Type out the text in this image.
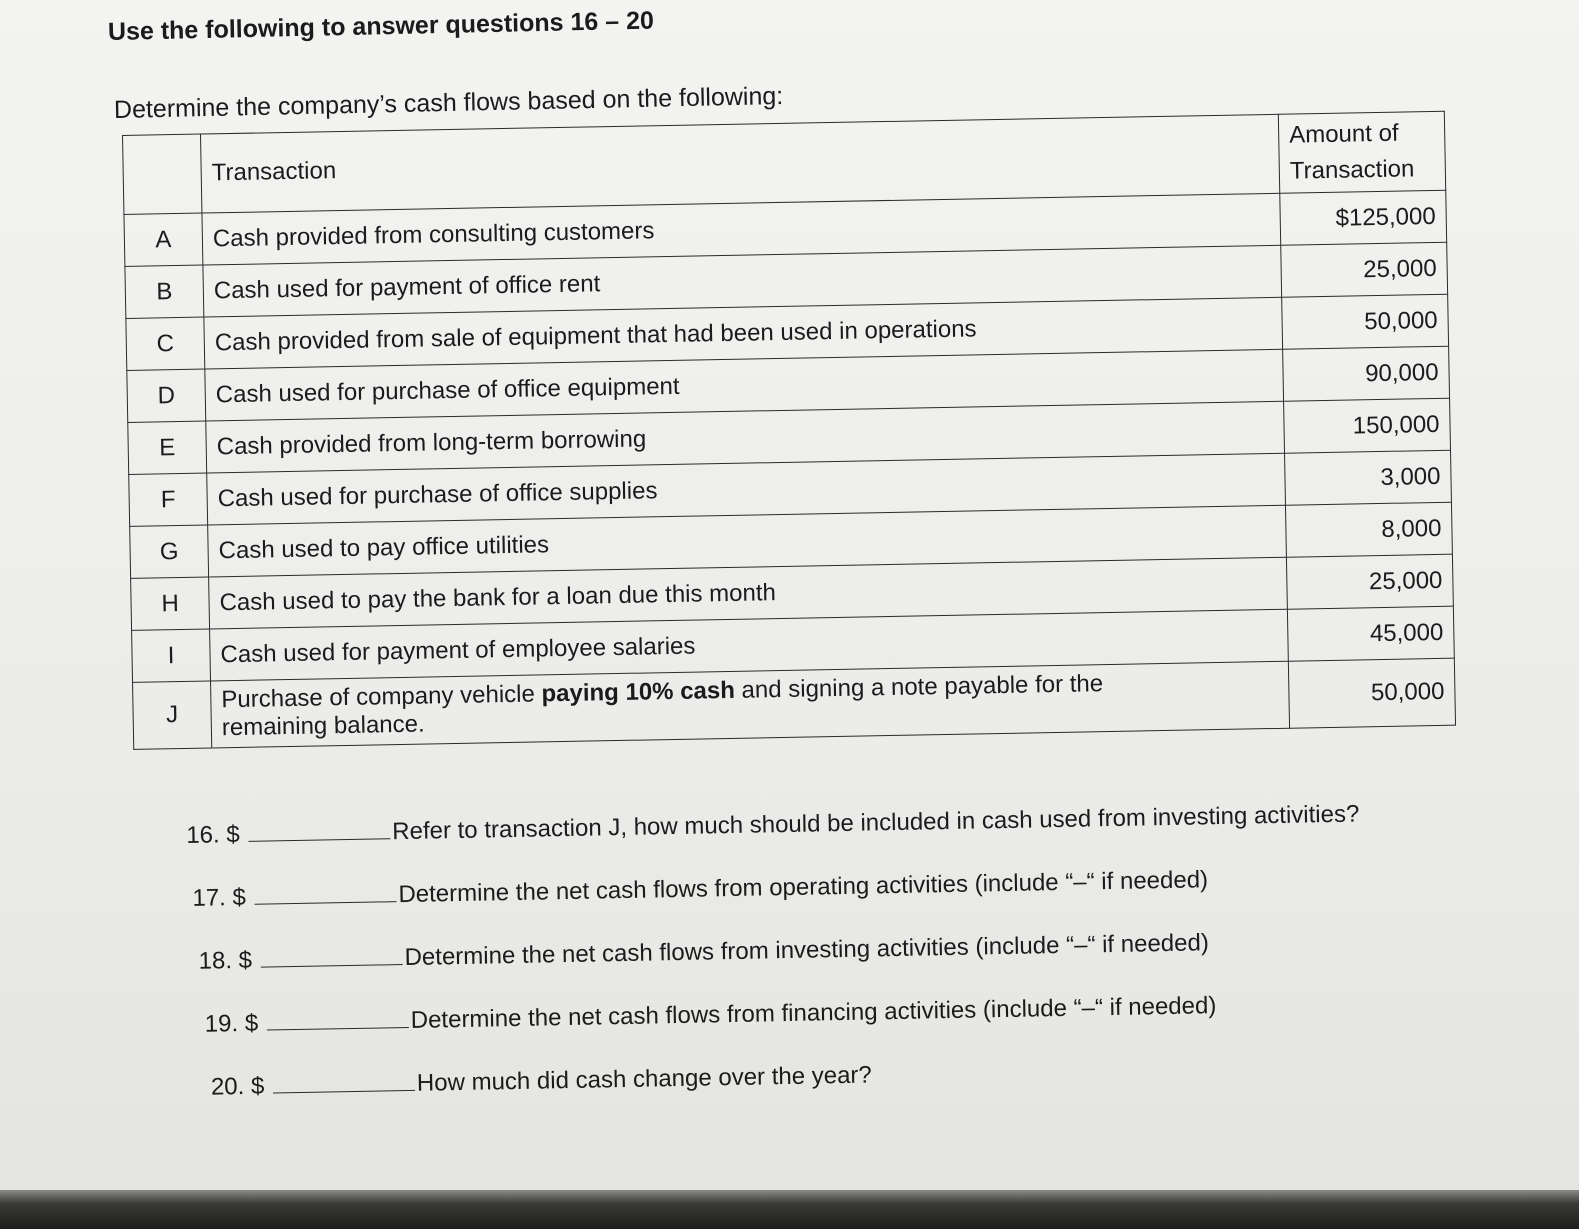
Use the following to answer questions 16 – 20
Determine the company’s cash flows based on the following:
	Transaction	Amount of
Transaction

A	Cash provided from consulting customers	$125,000
B	Cash used for payment of office rent	25,000
C	Cash provided from sale of equipment that had been used in operations	50,000
D	Cash used for purchase of office equipment	90,000
E	Cash provided from long-term borrowing	150,000
F	Cash used for purchase of office supplies	3,000
G	Cash used to pay office utilities	8,000
H	Cash used to pay the bank for a loan due this month	25,000
I	Cash used for payment of employee salaries	45,000
J	Purchase of company vehicle paying 10% cash and signing a note payable for the
remaining balance.	50,000
16. $	Refer to transaction J, how much should be included in cash used from investing activities?
17. $	Determine the net cash flows from operating activities (include “–“ if needed)
18. $	Determine the net cash flows from investing activities (include “–“ if needed)
19. $	Determine the net cash flows from financing activities (include “–“ if needed)
20. $	How much did cash change over the year?
